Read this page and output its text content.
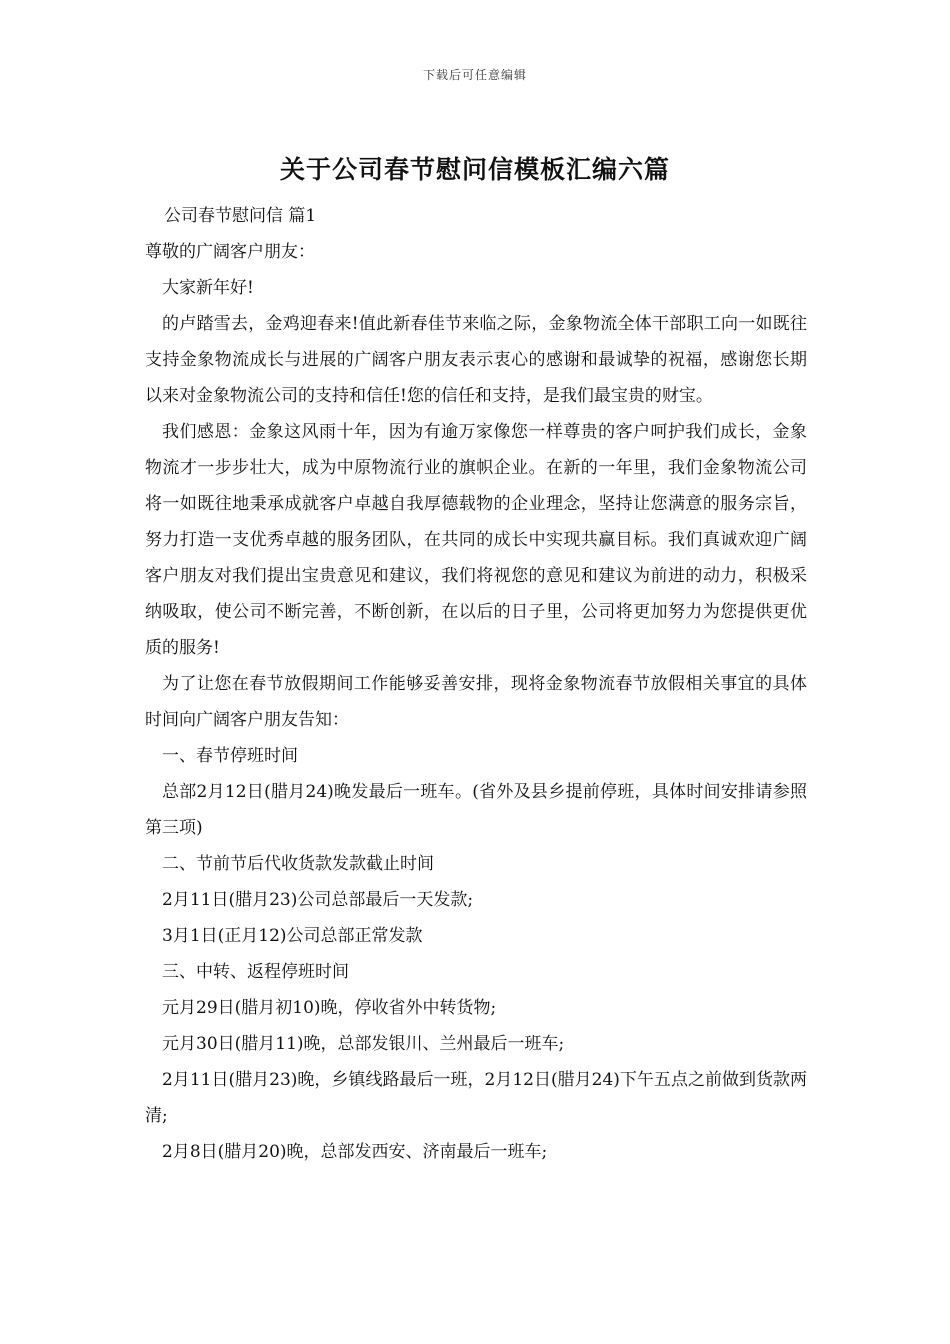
下载后可任意编辑
关于公司春节慰问信模板汇编六篇

公司春节慰问信 篇1

尊敬的广阔客户朋友：

大家新年好!

的卢踏雪去，金鸡迎春来!值此新春佳节来临之际，金象物流全体干部职工向一如既往支持金象物流成长与进展的广阔客户朋友表示衷心的感谢和最诚挚的祝福，感谢您长期以来对金象物流公司的支持和信任!您的信任和支持，是我们最宝贵的财宝。

我们感恩：金象这风雨十年，因为有逾万家像您一样尊贵的客户呵护我们成长，金象物流才一步步壮大，成为中原物流行业的旗帜企业。在新的一年里，我们金象物流公司将一如既往地秉承成就客户卓越自我厚德载物的企业理念，坚持让您满意的服务宗旨，努力打造一支优秀卓越的服务团队，在共同的成长中实现共赢目标。我们真诚欢迎广阔客户朋友对我们提出宝贵意见和建议，我们将视您的意见和建议为前进的动力，积极采纳吸取，使公司不断完善，不断创新，在以后的日子里，公司将更加努力为您提供更优质的服务!

为了让您在春节放假期间工作能够妥善安排，现将金象物流春节放假相关事宜的具体时间向广阔客户朋友告知：

一、春节停班时间

总部2月12日(腊月24)晚发最后一班车。(省外及县乡提前停班，具体时间安排请参照第三项)

二、节前节后代收货款发款截止时间

2月11日(腊月23)公司总部最后一天发款;

3月1日(正月12)公司总部正常发款

三、中转、返程停班时间

元月29日(腊月初10)晚，停收省外中转货物;

元月30日(腊月11)晚，总部发银川、兰州最后一班车;

2月11日(腊月23)晚，乡镇线路最后一班，2月12日(腊月24)下午五点之前做到货款两清;

2月8日(腊月20)晚，总部发西安、济南最后一班车;
